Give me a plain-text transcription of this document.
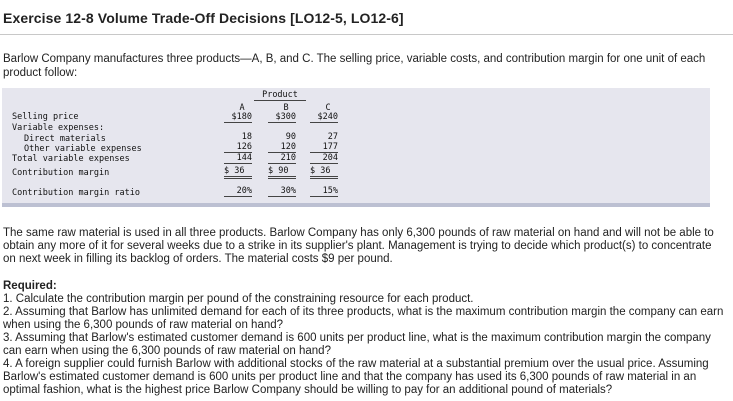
Exercise 12-8 Volume Trade-Off Decisions [LO12-5, LO12-6]
Barlow Company manufactures three products—A, B, and C. The selling price, variable costs, and contribution margin for one unit of each product follow:
Product
A	B	C
Selling price
Variable expenses:
Direct materials
Other variable expenses
Total variable expenses
Contribution margin
Contribution margin ratio
$180
18
126
144
$ 36
20%
$300
90
120
210
$ 90
30%
$240
27
177
204
$ 36
15%
The same raw material is used in all three products. Barlow Company has only 6,300 pounds of raw material on hand and will not be able to obtain any more of it for several weeks due to a strike in its supplier's plant. Management is trying to decide which product(s) to concentrate on next week in filling its backlog of orders. The material costs $9 per pound.
Required:
1. Calculate the contribution margin per pound of the constraining resource for each product.
2. Assuming that Barlow has unlimited demand for each of its three products, what is the maximum contribution margin the company can earn when using the 6,300 pounds of raw material on hand?
3. Assuming that Barlow's estimated customer demand is 600 units per product line, what is the maximum contribution margin the company can earn when using the 6,300 pounds of raw material on hand?
4. A foreign supplier could furnish Barlow with additional stocks of the raw material at a substantial premium over the usual price. Assuming Barlow's estimated customer demand is 600 units per product line and that the company has used its 6,300 pounds of raw material in an optimal fashion, what is the highest price Barlow Company should be willing to pay for an additional pound of materials?
